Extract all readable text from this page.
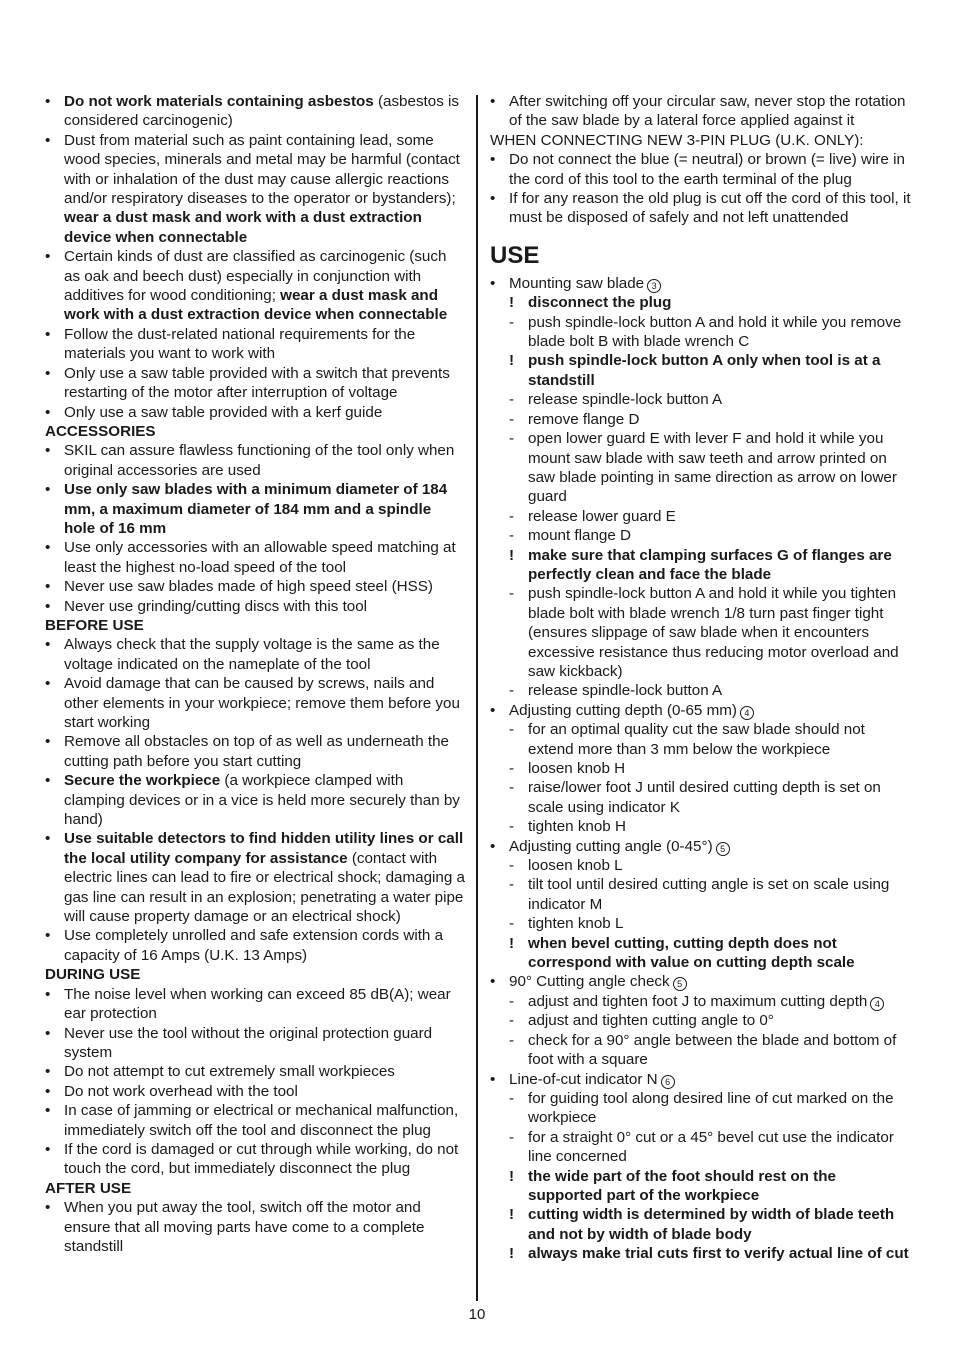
• Do not work materials containing asbestos (asbestos is considered carcinogenic)
• Dust from material such as paint containing lead, some wood species, minerals and metal may be harmful (contact with or inhalation of the dust may cause allergic reactions and/or respiratory diseases to the operator or bystanders); wear a dust mask and work with a dust extraction device when connectable
• Certain kinds of dust are classified as carcinogenic (such as oak and beech dust) especially in conjunction with additives for wood conditioning; wear a dust mask and work with a dust extraction device when connectable
• Follow the dust-related national requirements for the materials you want to work with
• Only use a saw table provided with a switch that prevents restarting of the motor after interruption of voltage
• Only use a saw table provided with a kerf guide
ACCESSORIES
• SKIL can assure flawless functioning of the tool only when original accessories are used
• Use only saw blades with a minimum diameter of 184 mm, a maximum diameter of 184 mm and a spindle hole of 16 mm
• Use only accessories with an allowable speed matching at least the highest no-load speed of the tool
• Never use saw blades made of high speed steel (HSS)
• Never use grinding/cutting discs with this tool
BEFORE USE
• Always check that the supply voltage is the same as the voltage indicated on the nameplate of the tool
• Avoid damage that can be caused by screws, nails and other elements in your workpiece; remove them before you start working
• Remove all obstacles on top of as well as underneath the cutting path before you start cutting
• Secure the workpiece (a workpiece clamped with clamping devices or in a vice is held more securely than by hand)
• Use suitable detectors to find hidden utility lines or call the local utility company for assistance (contact with electric lines can lead to fire or electrical shock; damaging a gas line can result in an explosion; penetrating a water pipe will cause property damage or an electrical shock)
• Use completely unrolled and safe extension cords with a capacity of 16 Amps (U.K. 13 Amps)
DURING USE
• The noise level when working can exceed 85 dB(A); wear ear protection
• Never use the tool without the original protection guard system
• Do not attempt to cut extremely small workpieces
• Do not work overhead with the tool
• In case of jamming or electrical or mechanical malfunction, immediately switch off the tool and disconnect the plug
• If the cord is damaged or cut through while working, do not touch the cord, but immediately disconnect the plug
AFTER USE
• When you put away the tool, switch off the motor and ensure that all moving parts have come to a complete standstill
• After switching off your circular saw, never stop the rotation of the saw blade by a lateral force applied against it
WHEN CONNECTING NEW 3-PIN PLUG (U.K. ONLY):
• Do not connect the blue (= neutral) or brown (= live) wire in the cord of this tool to the earth terminal of the plug
• If for any reason the old plug is cut off the cord of this tool, it must be disposed of safely and not left unattended
USE
• Mounting saw blade 3
! disconnect the plug
- push spindle-lock button A and hold it while you remove blade bolt B with blade wrench C
! push spindle-lock button A only when tool is at a standstill
- release spindle-lock button A
- remove flange D
- open lower guard E with lever F and hold it while you mount saw blade with saw teeth and arrow printed on saw blade pointing in same direction as arrow on lower guard
- release lower guard E
- mount flange D
! make sure that clamping surfaces G of flanges are perfectly clean and face the blade
- push spindle-lock button A and hold it while you tighten blade bolt with blade wrench 1/8 turn past finger tight (ensures slippage of saw blade when it encounters excessive resistance thus reducing motor overload and saw kickback)
- release spindle-lock button A
• Adjusting cutting depth (0-65 mm) 4
- for an optimal quality cut the saw blade should not extend more than 3 mm below the workpiece
- loosen knob H
- raise/lower foot J until desired cutting depth is set on scale using indicator K
- tighten knob H
• Adjusting cutting angle (0-45°) 5
- loosen knob L
- tilt tool until desired cutting angle is set on scale using indicator M
- tighten knob L
! when bevel cutting, cutting depth does not correspond with value on cutting depth scale
• 90° Cutting angle check 5
- adjust and tighten foot J to maximum cutting depth 4
- adjust and tighten cutting angle to 0°
- check for a 90° angle between the blade and bottom of foot with a square
• Line-of-cut indicator N 6
- for guiding tool along desired line of cut marked on the workpiece
- for a straight 0° cut or a 45° bevel cut use the indicator line concerned
! the wide part of the foot should rest on the supported part of the workpiece
! cutting width is determined by width of blade teeth and not by width of blade body
! always make trial cuts first to verify actual line of cut
10
